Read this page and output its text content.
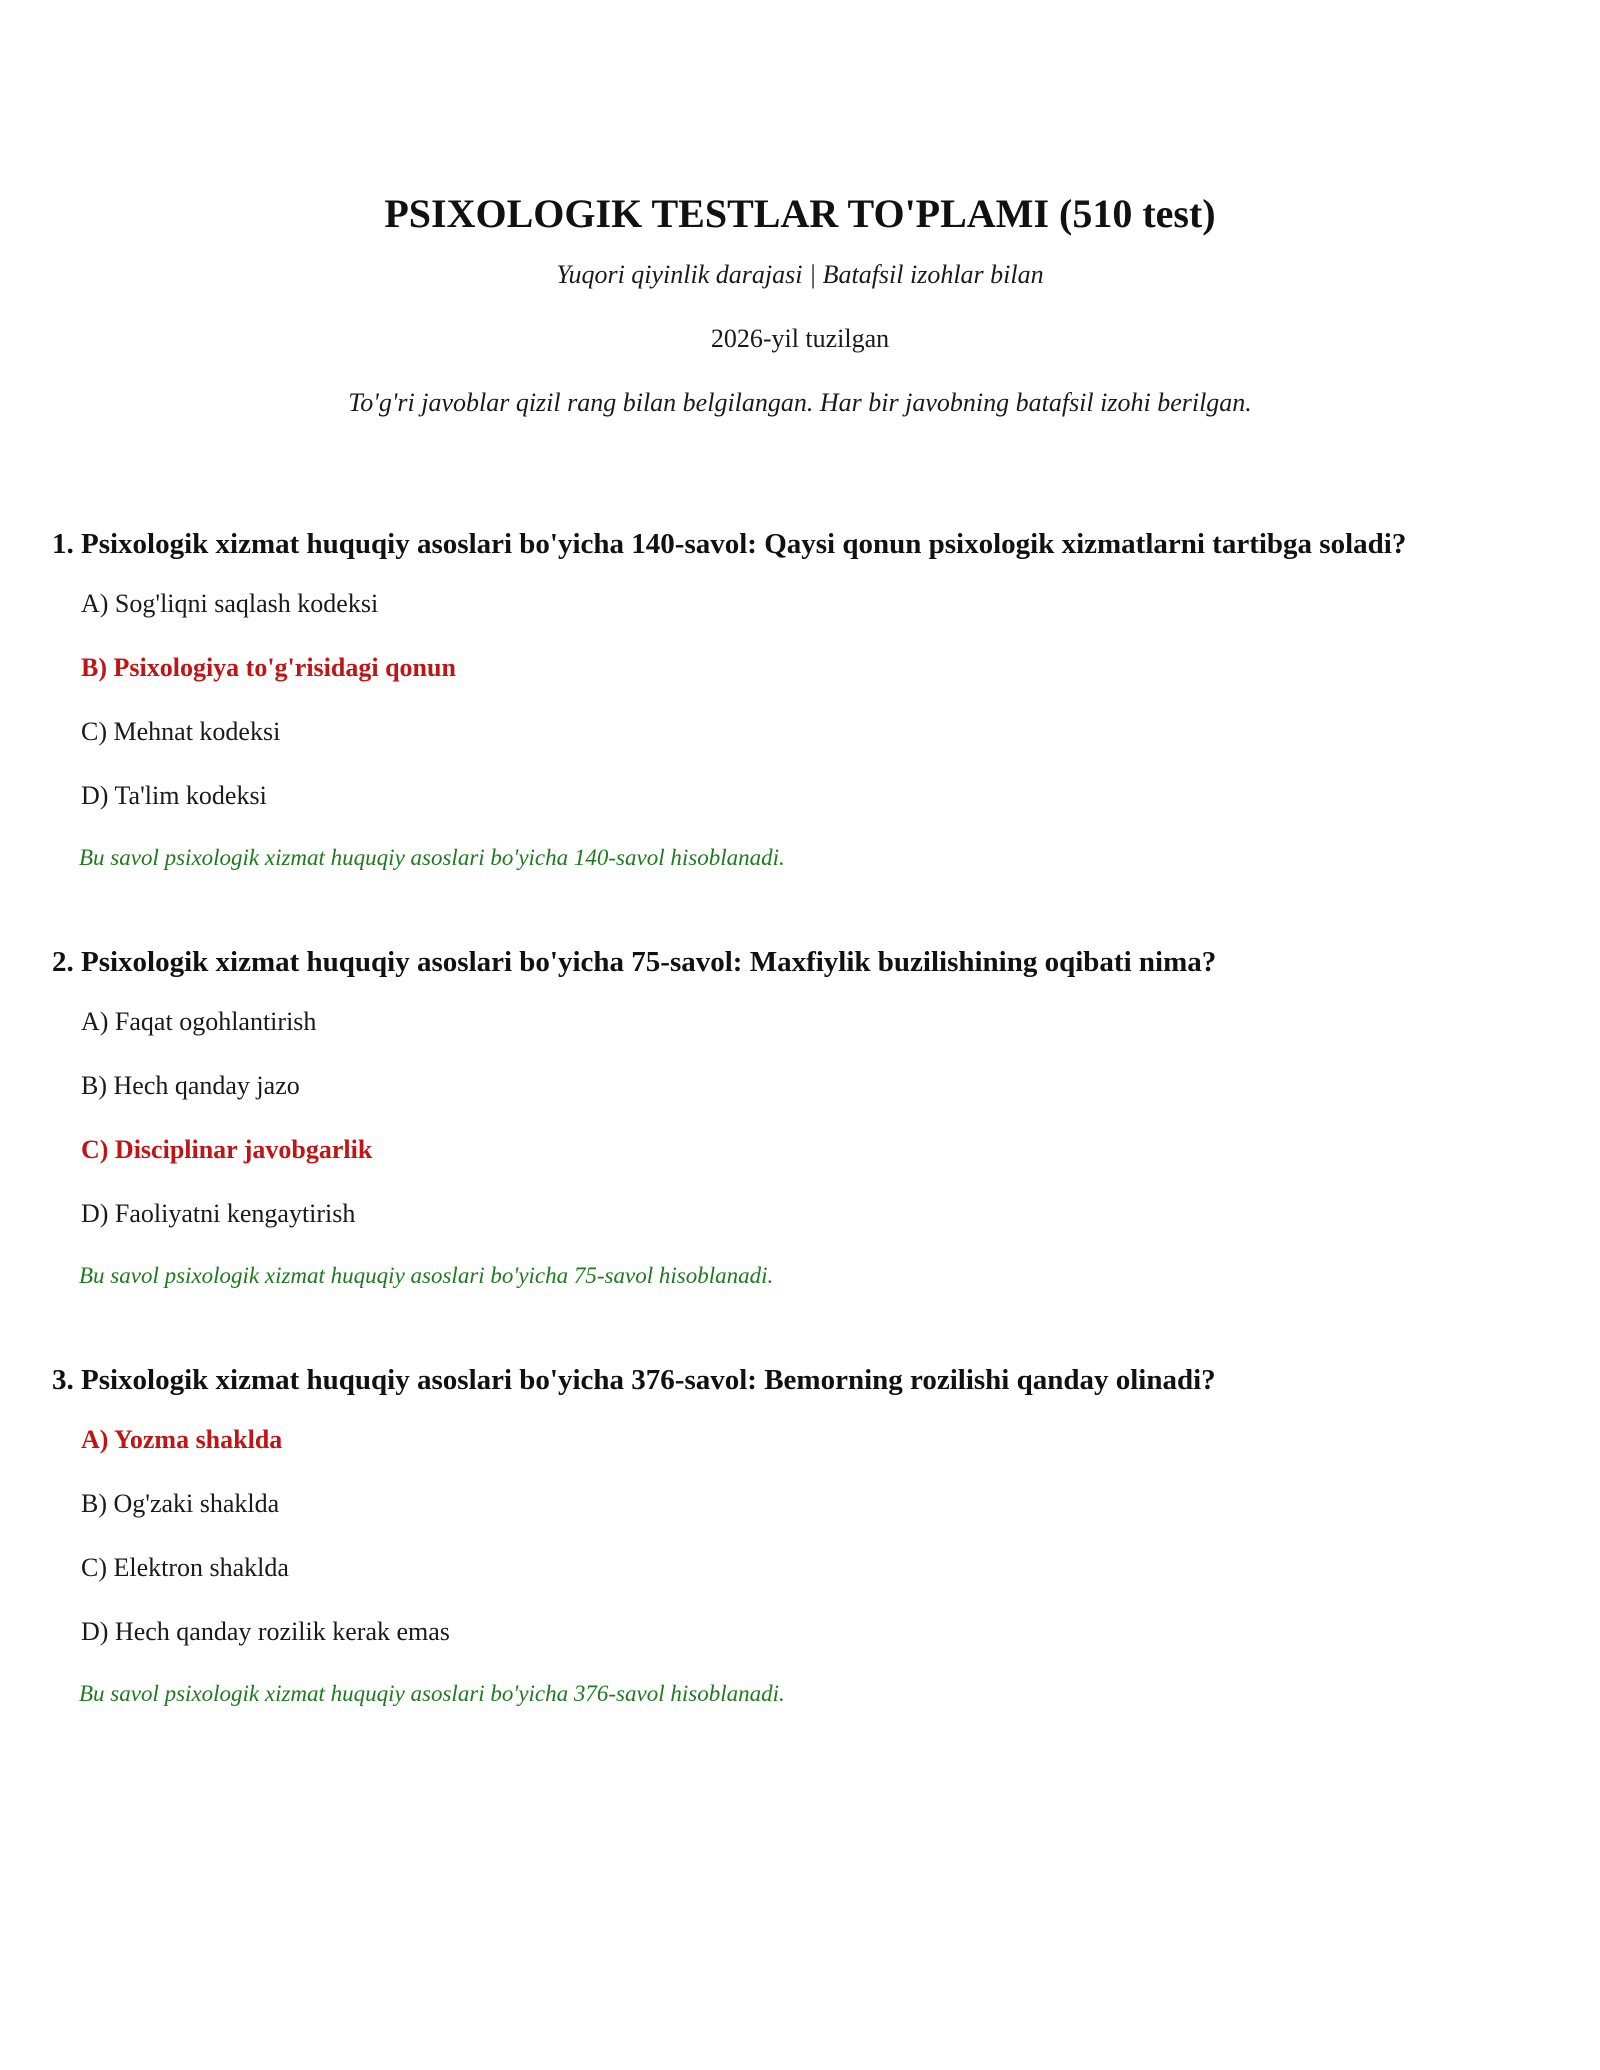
PSIXOLOGIK TESTLAR TO'PLAMI (510 test)

Yuqori qiyinlik darajasi | Batafsil izohlar bilan

2026-yil tuzilgan

To'g'ri javoblar qizil rang bilan belgilangan. Har bir javobning batafsil izohi berilgan.

1. Psixologik xizmat huquqiy asoslari bo'yicha 140-savol: Qaysi qonun psixologik xizmatlarni tartibga soladi?

A) Sog'liqni saqlash kodeksi
B) Psixologiya to'g'risidagi qonun
C) Mehnat kodeksi
D) Ta'lim kodeksi

Bu savol psixologik xizmat huquqiy asoslari bo'yicha 140-savol hisoblanadi.

2. Psixologik xizmat huquqiy asoslari bo'yicha 75-savol: Maxfiylik buzilishining oqibati nima?

A) Faqat ogohlantirish
B) Hech qanday jazo
C) Disciplinar javobgarlik
D) Faoliyatni kengaytirish

Bu savol psixologik xizmat huquqiy asoslari bo'yicha 75-savol hisoblanadi.

3. Psixologik xizmat huquqiy asoslari bo'yicha 376-savol: Bemorning rozilishi qanday olinadi?

A) Yozma shaklda
B) Og'zaki shaklda
C) Elektron shaklda
D) Hech qanday rozilik kerak emas

Bu savol psixologik xizmat huquqiy asoslari bo'yicha 376-savol hisoblanadi.
